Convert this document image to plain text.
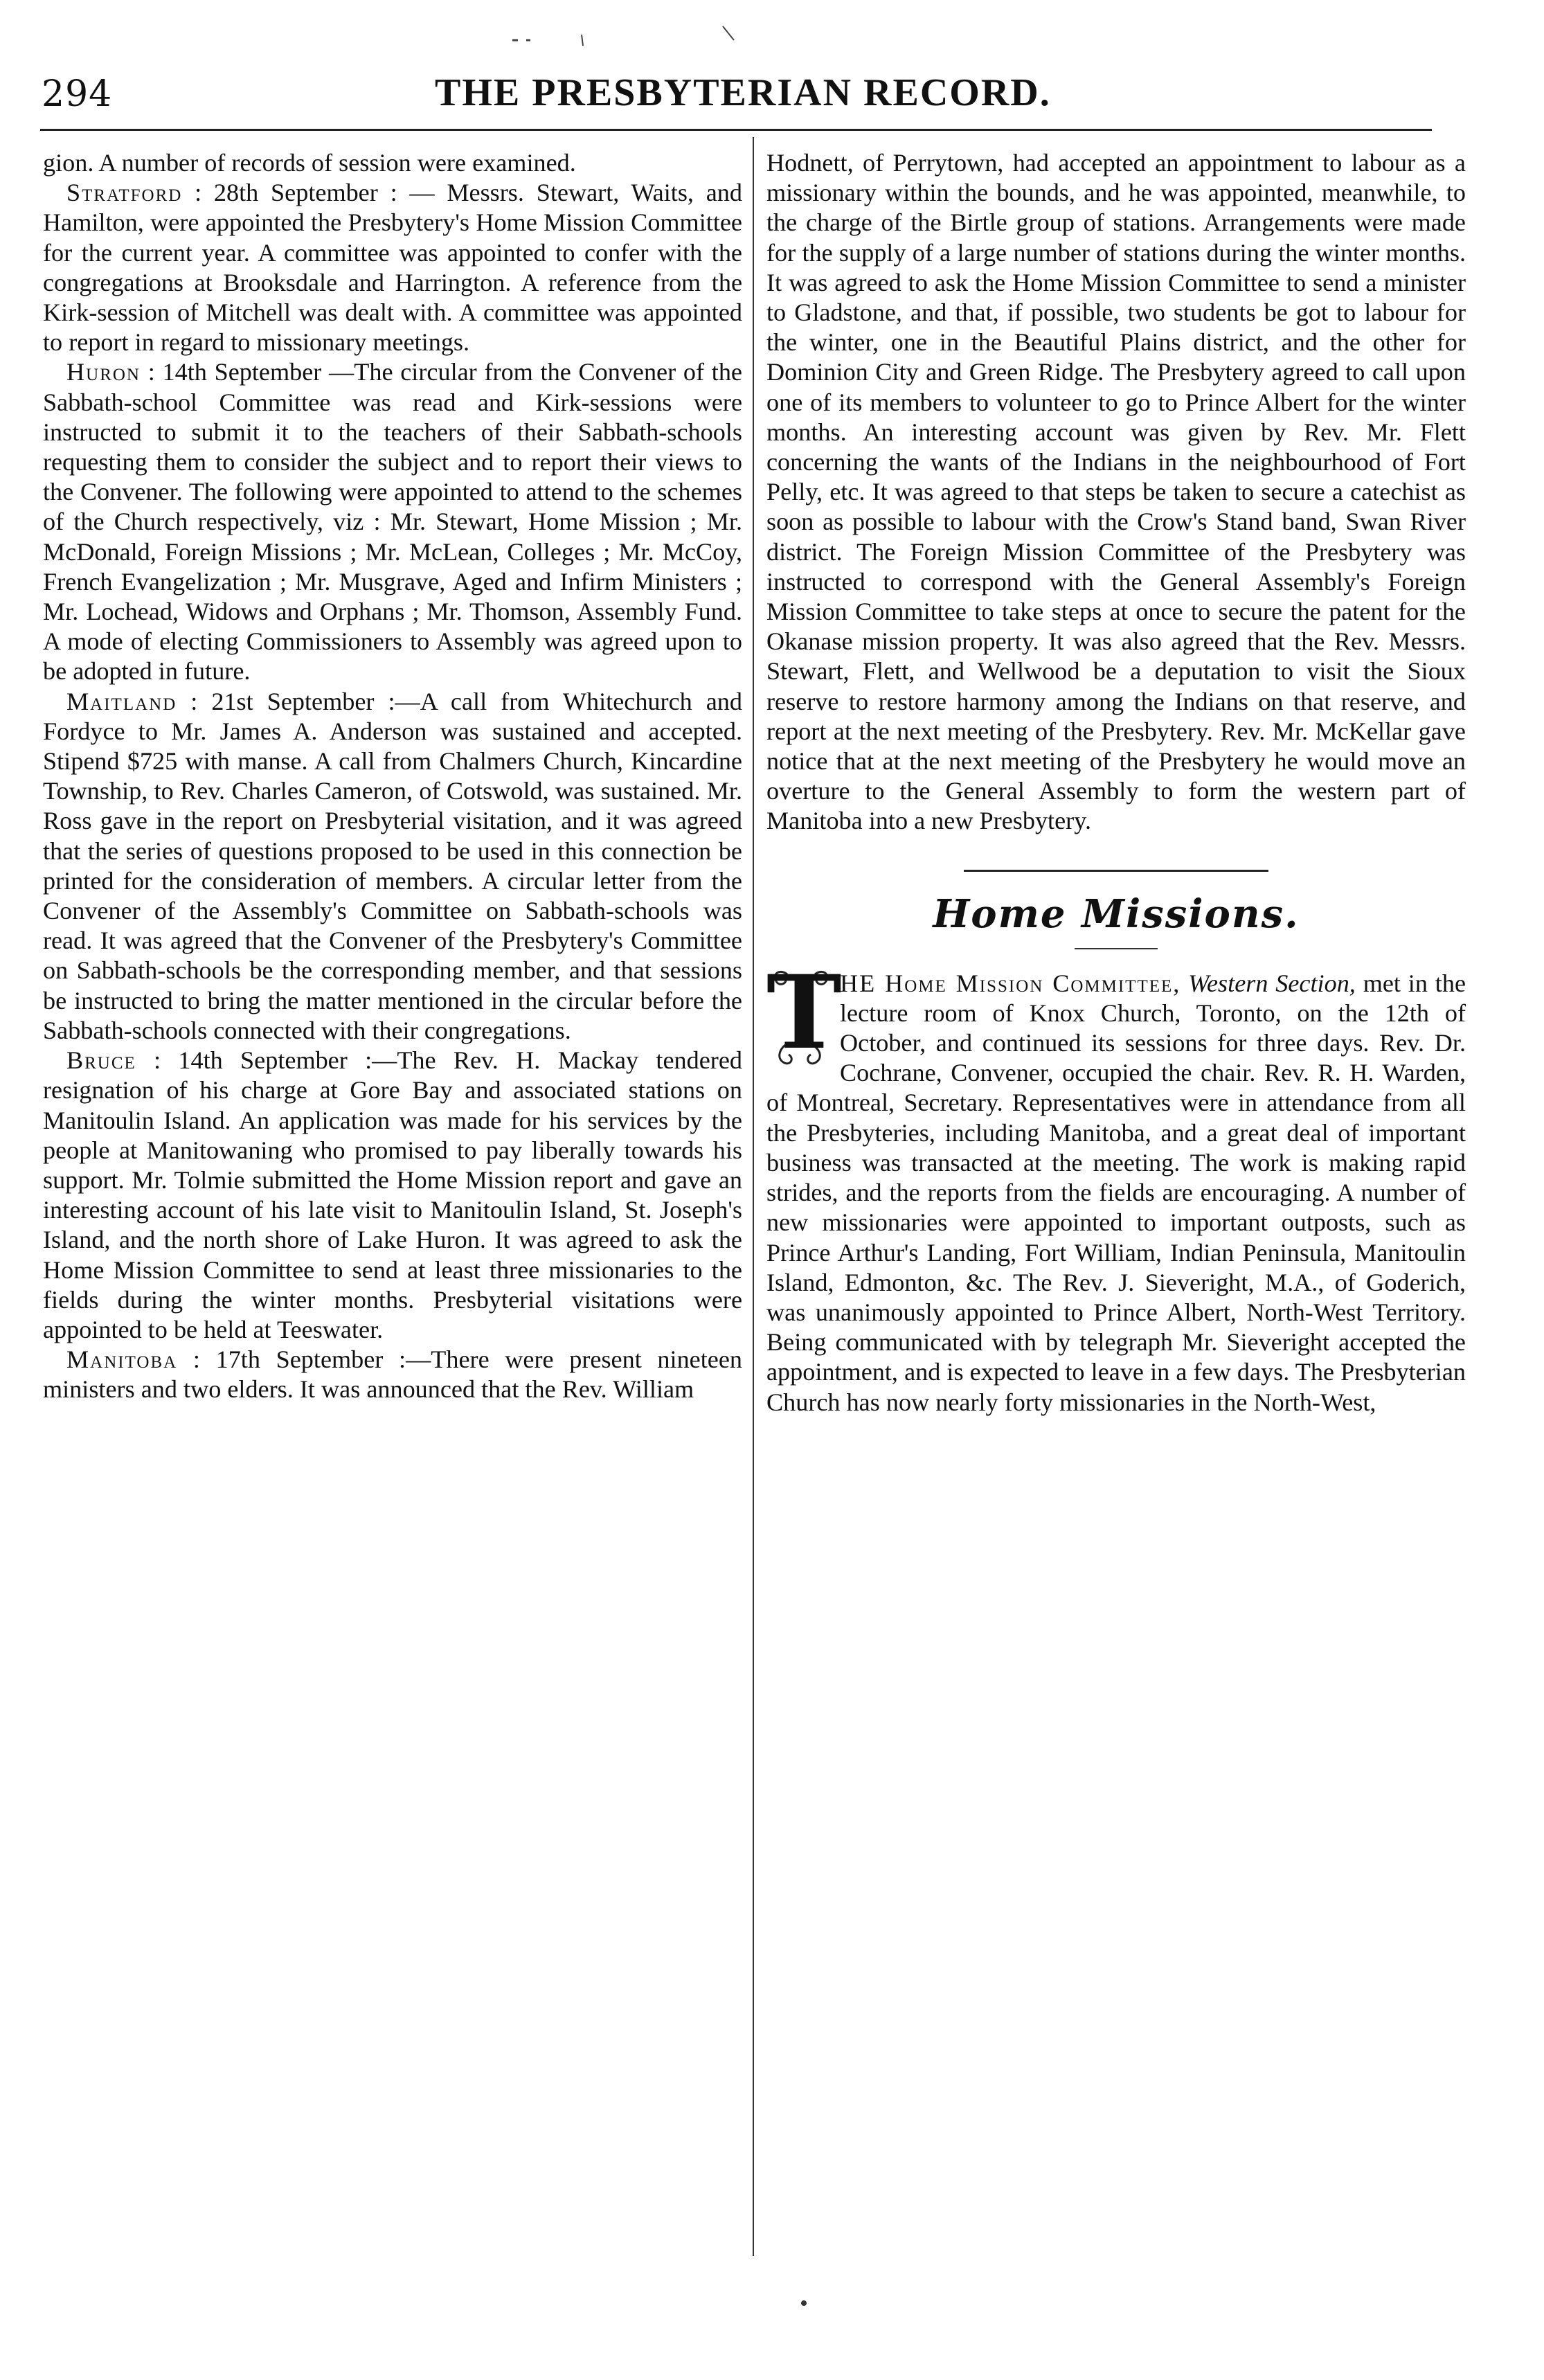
294	THE PRESBYTERIAN RECORD.

gion. A number of records of session were examined.

Stratford : 28th September : — Messrs. Stewart, Waits, and Hamilton, were appointed the Presbytery's Home Mission Committee for the current year. A committee was appointed to confer with the congregations at Brooksdale and Harrington. A reference from the Kirk-session of Mitchell was dealt with. A committee was appointed to report in regard to missionary meetings.

Huron : 14th September —The circular from the Convener of the Sabbath-school Committee was read and Kirk-sessions were instructed to submit it to the teachers of their Sabbath-schools requesting them to consider the subject and to report their views to the Convener. The following were appointed to attend to the schemes of the Church respectively, viz : Mr. Stewart, Home Mission ; Mr. McDonald, Foreign Missions ; Mr. McLean, Colleges ; Mr. McCoy, French Evangelization ; Mr. Musgrave, Aged and Infirm Ministers ; Mr. Lochead, Widows and Orphans ; Mr. Thomson, Assembly Fund. A mode of electing Commissioners to Assembly was agreed upon to be adopted in future.

Maitland : 21st September :—A call from Whitechurch and Fordyce to Mr. James A. Anderson was sustained and accepted. Stipend $725 with manse. A call from Chalmers Church, Kincardine Township, to Rev. Charles Cameron, of Cotswold, was sustained. Mr. Ross gave in the report on Presbyterial visitation, and it was agreed that the series of questions proposed to be used in this connection be printed for the consideration of members. A circular letter from the Convener of the Assembly's Committee on Sabbath-schools was read. It was agreed that the Convener of the Presbytery's Committee on Sabbath-schools be the corresponding member, and that sessions be instructed to bring the matter mentioned in the circular before the Sabbath-schools connected with their congregations.

Bruce : 14th September :—The Rev. H. Mackay tendered resignation of his charge at Gore Bay and associated stations on Manitoulin Island. An application was made for his services by the people at Manitowaning who promised to pay liberally towards his support. Mr. Tolmie submitted the Home Mission report and gave an interesting account of his late visit to Manitoulin Island, St. Joseph's Island, and the north shore of Lake Huron. It was agreed to ask the Home Mission Committee to send at least three missionaries to the fields during the winter months. Presbyterial visitations were appointed to be held at Teeswater.

Manitoba : 17th September :—There were present nineteen ministers and two elders. It was announced that the Rev. William

Hodnett, of Perrytown, had accepted an appointment to labour as a missionary within the bounds, and he was appointed, meanwhile, to the charge of the Birtle group of stations. Arrangements were made for the supply of a large number of stations during the winter months. It was agreed to ask the Home Mission Committee to send a minister to Gladstone, and that, if possible, two students be got to labour for the winter, one in the Beautiful Plains district, and the other for Dominion City and Green Ridge. The Presbytery agreed to call upon one of its members to volunteer to go to Prince Albert for the winter months. An interesting account was given by Rev. Mr. Flett concerning the wants of the Indians in the neighbourhood of Fort Pelly, etc. It was agreed to that steps be taken to secure a catechist as soon as possible to labour with the Crow's Stand band, Swan River district. The Foreign Mission Committee of the Presbytery was instructed to correspond with the General Assembly's Foreign Mission Committee to take steps at once to secure the patent for the Okanase mission property. It was also agreed that the Rev. Messrs. Stewart, Flett, and Wellwood be a deputation to visit the Sioux reserve to restore harmony among the Indians on that reserve, and report at the next meeting of the Presbytery. Rev. Mr. McKellar gave notice that at the next meeting of the Presbytery he would move an overture to the General Assembly to form the western part of Manitoba into a new Presbytery.

Home Missions.

T

HE Home Mission Committee, Western Section, met in the lecture room of Knox Church, Toronto, on the 12th of October, and continued its sessions for three days. Rev. Dr. Cochrane, Convener, occupied the chair. Rev. R. H. Warden, of Montreal, Secretary. Representatives were in attendance from all the Presbyteries, including Manitoba, and a great deal of important business was transacted at the meeting. The work is making rapid strides, and the reports from the fields are encouraging. A number of new missionaries were appointed to important outposts, such as Prince Arthur's Landing, Fort William, Indian Peninsula, Manitoulin Island, Edmonton, &c. The Rev. J. Sieveright, M.A., of Goderich, was unanimously appointed to Prince Albert, North-West Territory. Being communicated with by telegraph Mr. Sieveright accepted the appointment, and is expected to leave in a few days. The Presbyterian Church has now nearly forty missionaries in the North-West,
